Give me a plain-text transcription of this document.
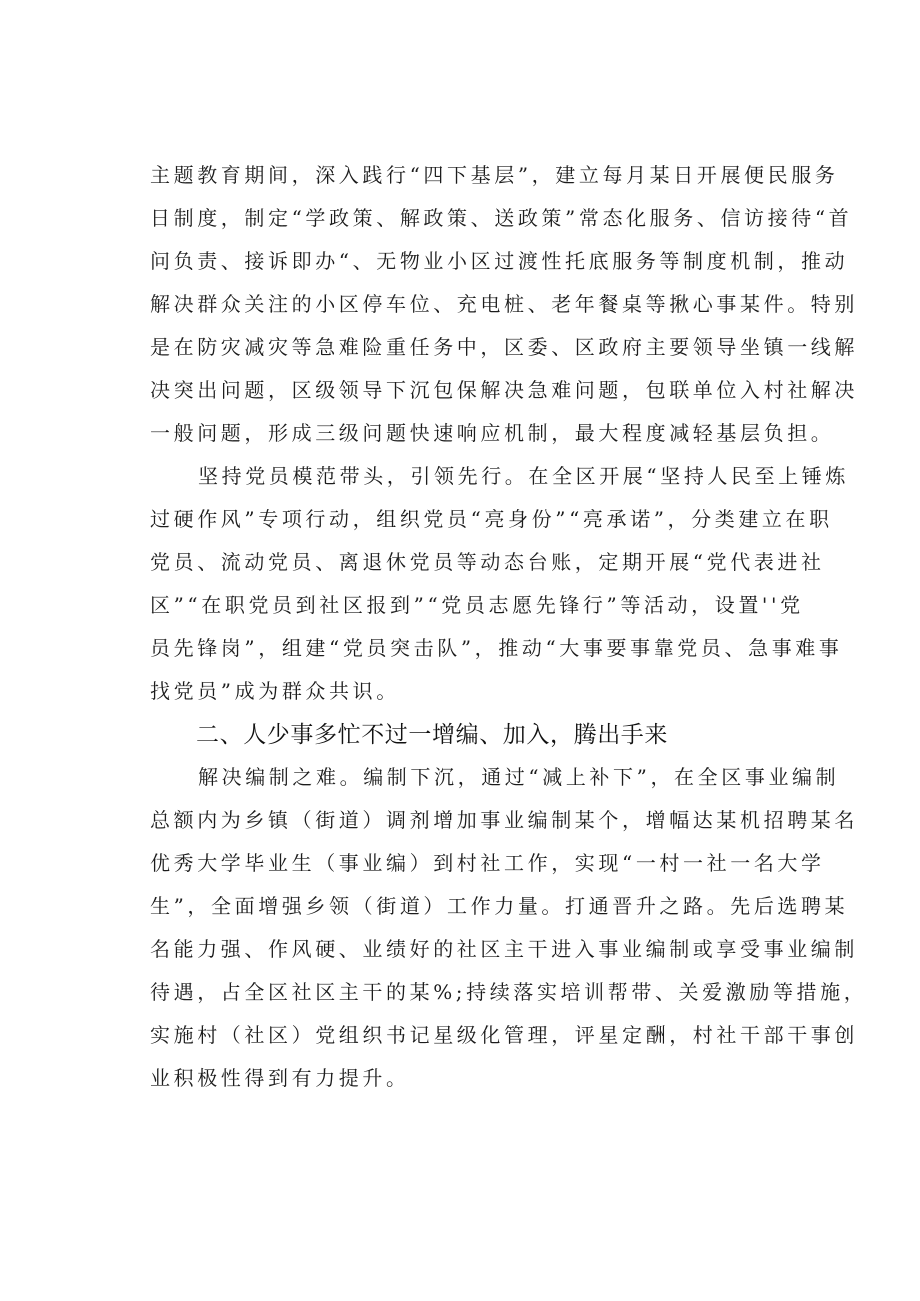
主题教育期间，深入践行“四下基层”，建立每月某日开展便民服务
日制度，制定“学政策、解政策、送政策”常态化服务、信访接待“首
问负责、接诉即办“、无物业小区过渡性托底服务等制度机制，推动
解决群众关注的小区停车位、充电桩、老年餐桌等揪心事某件。特别
是在防灾减灾等急难险重任务中，区委、区政府主要领导坐镇一线解
决突出问题，区级领导下沉包保解决急难问题，包联单位入村社解决
一般问题，形成三级问题快速响应机制，最大程度减轻基层负担。
坚持党员模范带头，引领先行。在全区开展“坚持人民至上锤炼
过硬作风”专项行动，组织党员“亮身份”“亮承诺”，分类建立在职
党员、流动党员、离退休党员等动态台账，定期开展“党代表进社
区”“在职党员到社区报到”“党员志愿先锋行”等活动，设置''党
员先锋岗”，组建“党员突击队”，推动“大事要事靠党员、急事难事
找党员”成为群众共识。
二、人少事多忙不过一增编、加入，腾出手来
解决编制之难。编制下沉，通过“减上补下”，在全区事业编制
总额内为乡镇（街道）调剂增加事业编制某个，增幅达某机招聘某名
优秀大学毕业生（事业编）到村社工作，实现“一村一社一名大学
生”，全面增强乡领（街道）工作力量。打通晋升之路。先后选聘某
名能力强、作风硬、业绩好的社区主干进入事业编制或享受事业编制
待遇，占全区社区主干的某%;持续落实培训帮带、关爱激励等措施，
实施村（社区）党组织书记星级化管理，评星定酬，村社干部干事创
业积极性得到有力提升。
